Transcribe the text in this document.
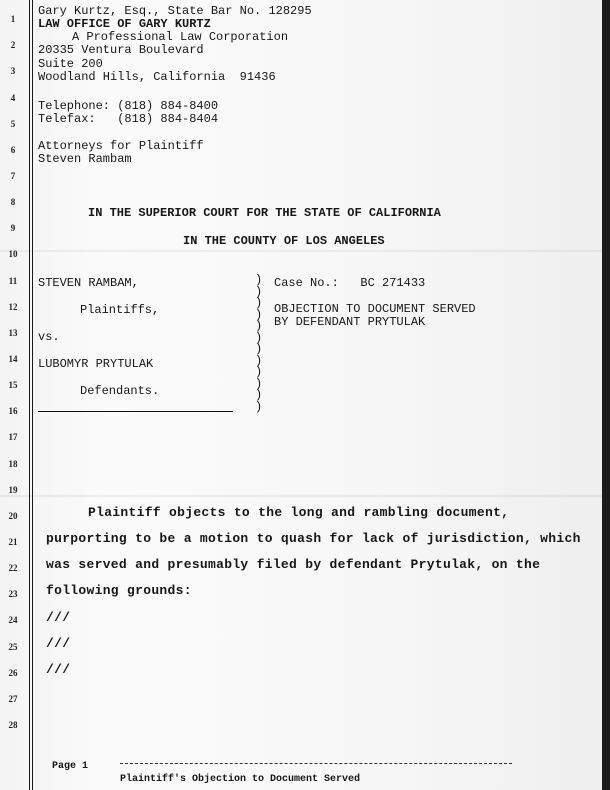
1
2
3
4
5
6
7
8
9
10
11
12
13
14
15
16
17
18
19
20
21
22
23
24
25
26
27
28
Gary Kurtz, Esq., State Bar No. 128295
LAW OFFICE OF GARY KURTZ
A Professional Law Corporation
20335 Ventura Boulevard
Suite 200
Woodland Hills, California  91436
Telephone: (818) 884-8400
Telefax:   (818) 884-8404
Attorneys for Plaintiff
Steven Rambam
IN THE SUPERIOR COURT FOR THE STATE OF CALIFORNIA
IN THE COUNTY OF LOS ANGELES
STEVEN RAMBAM,
Plaintiffs,
vs.
LUBOMYR PRYTULAK
Defendants.
)
)
)
)
)
)
)
)
)
)
)
)
Case No.:   BC 271433
OBJECTION TO DOCUMENT SERVED
BY DEFENDANT PRYTULAK
Plaintiff objects to the long and rambling document,
purporting to be a motion to quash for lack of jurisdiction, which
was served and presumably filed by defendant Prytulak, on the
following grounds:
///
///
///
Page 1
Plaintiff's Objection to Document Served
